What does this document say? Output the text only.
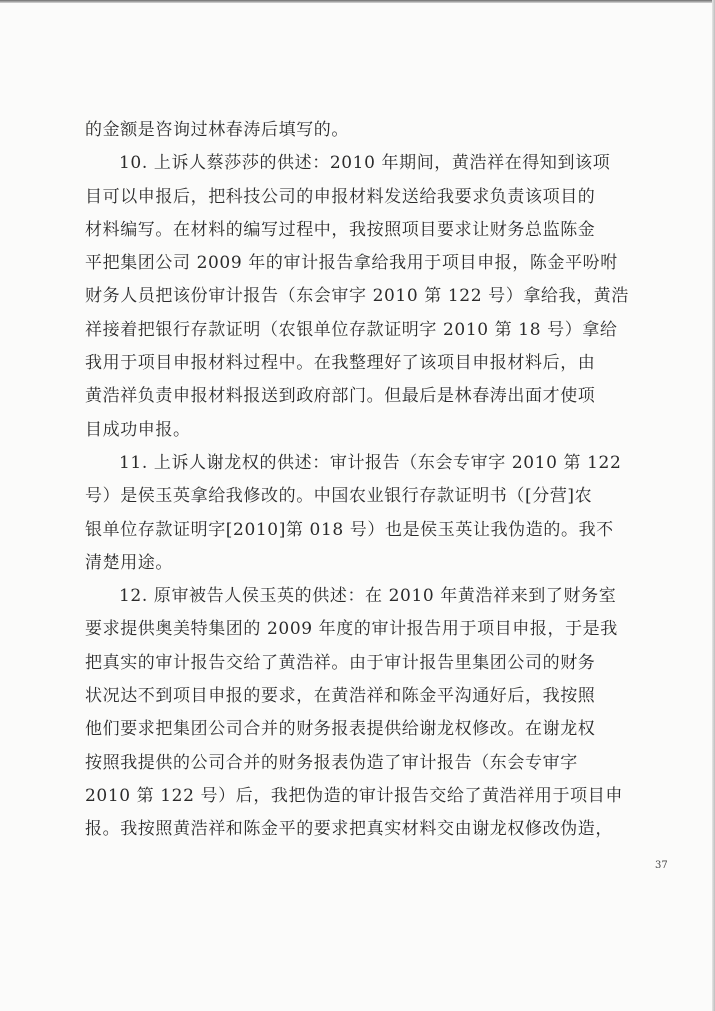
的金额是咨询过林春涛后填写的。
10. 上诉人蔡莎莎的供述：2010 年期间，黄浩祥在得知到该项
目可以申报后，把科技公司的申报材料发送给我要求负责该项目的
材料编写。在材料的编写过程中，我按照项目要求让财务总监陈金
平把集团公司 2009 年的审计报告拿给我用于项目申报，陈金平吩咐
财务人员把该份审计报告（东会审字 2010 第 122 号）拿给我，黄浩
祥接着把银行存款证明（农银单位存款证明字 2010 第 18 号）拿给
我用于项目申报材料过程中。在我整理好了该项目申报材料后，由
黄浩祥负责申报材料报送到政府部门。但最后是林春涛出面才使项
目成功申报。
11. 上诉人谢龙权的供述：审计报告（东会专审字 2010 第 122
号）是侯玉英拿给我修改的。中国农业银行存款证明书（[分营]农
银单位存款证明字[2010]第 018 号）也是侯玉英让我伪造的。我不
清楚用途。
12. 原审被告人侯玉英的供述：在 2010 年黄浩祥来到了财务室
要求提供奥美特集团的 2009 年度的审计报告用于项目申报，于是我
把真实的审计报告交给了黄浩祥。由于审计报告里集团公司的财务
状况达不到项目申报的要求，在黄浩祥和陈金平沟通好后，我按照
他们要求把集团公司合并的财务报表提供给谢龙权修改。在谢龙权
按照我提供的公司合并的财务报表伪造了审计报告（东会专审字
2010 第 122 号）后，我把伪造的审计报告交给了黄浩祥用于项目申
报。我按照黄浩祥和陈金平的要求把真实材料交由谢龙权修改伪造，
37
